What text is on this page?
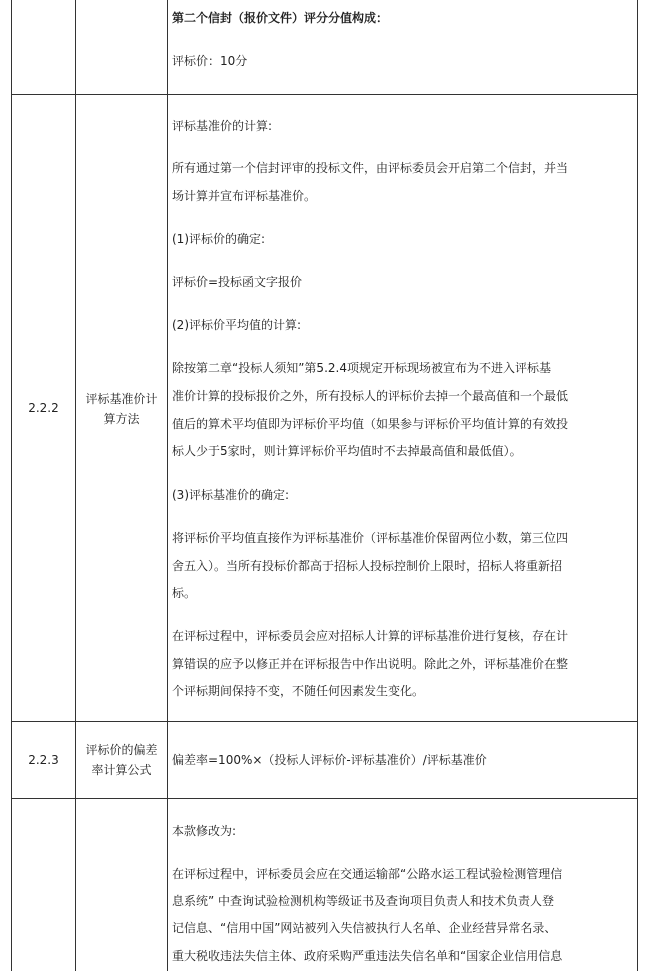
第二个信封（报价文件）评分分值构成：
评标价：10分
2.2.2
评标基准价计
算方法
评标基准价的计算:
所有通过第一个信封评审的投标文件，由评标委员会开启第二个信封，并当
场计算并宣布评标基准价。
(1)评标价的确定:
评标价=投标函文字报价
(2)评标价平均值的计算:
除按第二章“投标人须知”第5.2.4项规定开标现场被宣布为不进入评标基
准价计算的投标报价之外，所有投标人的评标价去掉一个最高值和一个最低
值后的算术平均值即为评标价平均值（如果参与评标价平均值计算的有效投
标人少于5家时，则计算评标价平均值时不去掉最高值和最低值）。
(3)评标基准价的确定:
将评标价平均值直接作为评标基准价（评标基准价保留两位小数，第三位四
舍五入）。当所有投标价都高于招标人投标控制价上限时，招标人将重新招
标。
在评标过程中，评标委员会应对招标人计算的评标基准价进行复核，存在计
算错误的应予以修正并在评标报告中作出说明。除此之外，评标基准价在整
个评标期间保持不变，不随任何因素发生变化。
2.2.3
评标价的偏差
率计算公式
偏差率=100%×（投标人评标价-评标基准价）/评标基准价
本款修改为:
在评标过程中，评标委员会应在交通运输部“公路水运工程试验检测管理信
息系统” 中查询试验检测机构等级证书及查询项目负责人和技术负责人登
记信息、“信用中国”网站被列入失信被执行人名单、企业经营异常名录、
重大税收违法失信主体、政府采购严重违法失信名单和“国家企业信用信息
